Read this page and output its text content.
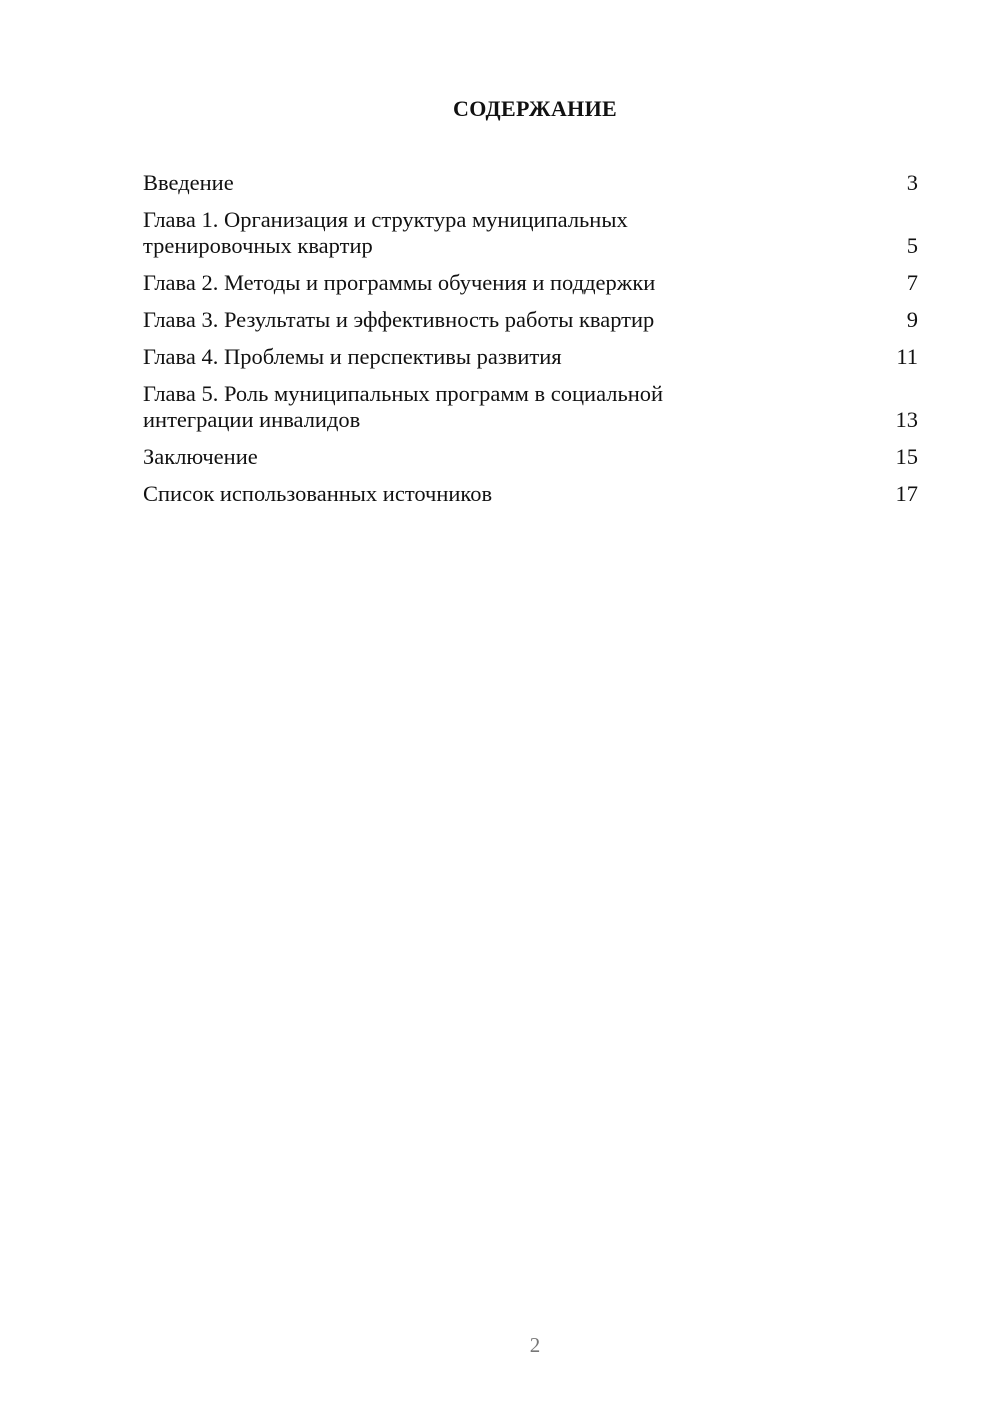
СОДЕРЖАНИЕ
Введение	3
Глава 1. Организация и структура муниципальных тренировочных квартир	5
Глава 2. Методы и программы обучения и поддержки	7
Глава 3. Результаты и эффективность работы квартир	9
Глава 4. Проблемы и перспективы развития	11
Глава 5. Роль муниципальных программ в социальной интеграции инвалидов	13
Заключение	15
Список использованных источников	17
2
